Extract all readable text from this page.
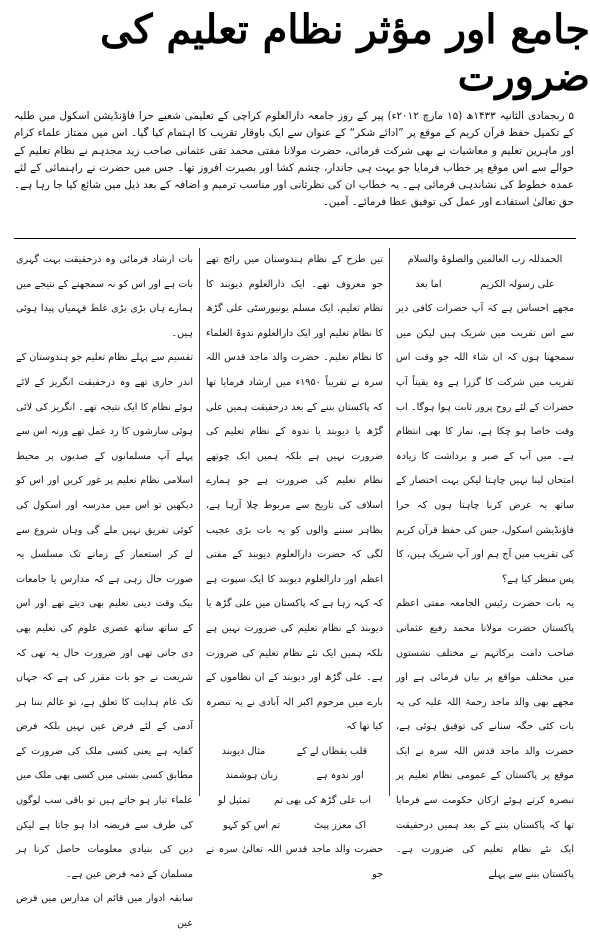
جامع اور مؤثر نظام تعلیم کی ضرورت

۵ ربجمادی الثانیہ ۱۴۳۳ھ (۱۵ مارچ ۲۰۱۲ء) پیر کے روز جامعہ دارالعلوم کراچی کے تعلیمی شعبے حرا فاؤنڈیشن اسکول میں طلبہ کے تکمیل حفظ قرآن کریم کے موقع پر ”ادائے شکر“ کے عنوان سے ایک باوقار تقریب کا اہتمام کیا گیا۔ اس میں ممتاز علماء کرام اور ماہرین تعلیم و معاشیات نے بھی شرکت فرمائی، حضرت مولانا مفتی محمد تقی عثمانی صاحب زید مجدہم نے نظام تعلیم کے حوالے سے اس موقع پر خطاب فرمایا جو بہت ہی جاندار، چشم کشا اور بصیرت افروز تھا۔ جس میں حضرت نے راہنمائی کے لئے عمدہ خطوط کی نشاندہی فرمائی ہے۔ یہ خطاب ان کی نظرثانی اور مناسب ترمیم و اضافہ کے بعد ذیل میں شائع کیا جا رہا ہے۔ حق تعالیٰ استفادے اور عمل کی توفیق عطا فرمائے۔ آمین۔

الحمدللہ رب العالمین والصلوۃ والسلام

علی رسولہ الکریم
اما بعد

مجھے احساس ہے کہ آپ حضرات کافی دیر سے اس تقریب میں شریک ہیں لیکن میں سمجھتا ہوں کہ ان شاء اللہ جو وقت اس تقریب میں شرکت کا گزرا ہے وہ یقیناً آپ حضرات کے لئے روح پرور ثابت ہوا ہوگا۔ اب وقت خاصا ہو چکا ہے، نماز کا بھی انتظام ہے۔ میں آپ کے صبر و برداشت کا زیادہ امتحان لینا نہیں چاہتا لیکن بہت اختصار کے ساتھ یہ عرض کرنا چاہتا ہوں کہ حرا فاؤنڈیشن اسکول، جس کی حفظ قرآن کریم کی تقریب میں آج ہم اور آپ شریک ہیں، کا پس منظر کیا ہے؟

یہ بات حضرت رئیس الجامعہ مفتی اعظم پاکستان حضرت مولانا محمد رفیع عثمانی صاحب دامت برکاتہم نے مختلف نشستوں میں مختلف مواقع پر بیان فرمائی ہے اور مجھے بھی والد ماجد رحمۃ اللہ علیہ کی یہ بات کئی جگہ سنانے کی توفیق ہوئی ہے، حضرت والد ماجد قدس اللہ سرہ نے ایک موقع پر پاکستان کے عمومی نظام تعلیم پر تبصرہ کرتے ہوئے ارکان حکومت سے فرمایا تھا کہ پاکستان بننے کے بعد ہمیں درحقیقت ایک نئے نظام تعلیم کی ضرورت ہے۔ پاکستان بننے سے پہلے

تین طرح کے نظام ہندوستان میں رائج تھے جو معروف تھے۔ ایک دارالعلوم دیوبند کا نظام تعلیم، ایک مسلم یونیورسٹی علی گڑھ کا نظام تعلیم اور ایک دارالعلوم ندوۃ العلماء کا نظام تعلیم۔ حضرت والد ماجد قدس اللہ سرہ نے تقریباً ۱۹۵۰ء میں ارشاد فرمایا تھا کہ پاکستان بننے کے بعد درحقیقت ہمیں علی گڑھ یا دیوبند یا ندوہ کے نظام تعلیم کی ضرورت نہیں ہے بلکہ ہمیں ایک چوتھے نظام تعلیم کی ضرورت ہے جو ہمارے اسلاف کی تاریخ سے مربوط چلا آرہا ہے، بظاہر سننے والوں کو یہ بات بڑی عجیب لگی کہ حضرت دارالعلوم دیوبند کے مفتی اعظم اور دارالعلوم دیوبند کا ایک سپوت ہے کہ کہہ رہا ہے کہ پاکستان میں علی گڑھ یا دیوبند کے نظام تعلیم کی ضرورت نہیں ہے بلکہ ہمیں ایک نئے نظام تعلیم کی ضرورت ہے۔ علی گڑھ اور دیوبند کے ان نظاموں کے بارے میں مرحوم اکبر الہ آبادی نے یہ تبصرہ کیا تھا کہ

قلب یقظاں لے کے
مثال دیوبند
اور ندوہ ہے
زبان ہوشمند
اب علی گڑھ کی بھی تم
تمثیل لو
اک معزز پیٹ
تم اس کو کہو

حضرت والد ماجد قدس اللہ تعالیٰ سرہ نے جو

بات ارشاد فرمائی وہ درحقیقت بہت گہری بات ہے اور اس کو نہ سمجھنے کے نتیجے میں ہمارے ہاں بڑی بڑی غلط فہمیاں پیدا ہوئی ہیں۔

تقسیم سے پہلے نظام تعلیم جو ہندوستان کے اندر جاری تھے وہ درحقیقت انگریز کے لائے ہوئے نظام کا ایک نتیجہ تھے۔ انگریز کی لائی ہوئی سازشوں کا رد عمل تھے ورنہ اس سے پہلے آپ مسلمانوں کے صدیوں پر محیط اسلامی نظام تعلیم پر غور کریں اور اس کو دیکھیں تو اس میں مدرسہ اور اسکول کی کوئی تفریق نہیں ملے گی وہاں شروع سے لے کر استعمار کے زمانے تک مسلسل یہ صورت حال رہی ہے کہ مدارس یا جامعات بیک وقت دینی تعلیم بھی دیتے تھے اور اس کے ساتھ ساتھ عصری علوم کی تعلیم بھی دی جاتی تھی اور ضرورت حال یہ تھی کہ شریعت نے جو بات مقرر کی ہے کہ جہاں تک عام ہدایت کا تعلق ہے، تو عالم بننا ہر آدمی کے لئے فرض عین نہیں بلکہ فرض کفایہ ہے یعنی کسی ملک کی ضرورت کے مطابق کسی بستی میں کسی بھی ملک میں علماء تیار ہو جاتے ہیں تو باقی سب لوگوں کی طرف سے فریضہ ادا ہو جاتا ہے لیکن دین کی بنیادی معلومات حاصل کرنا ہر مسلمان کے ذمہ فرض عین ہے۔

سابقہ ادوار میں قائم ان مدارس میں فرض عین
